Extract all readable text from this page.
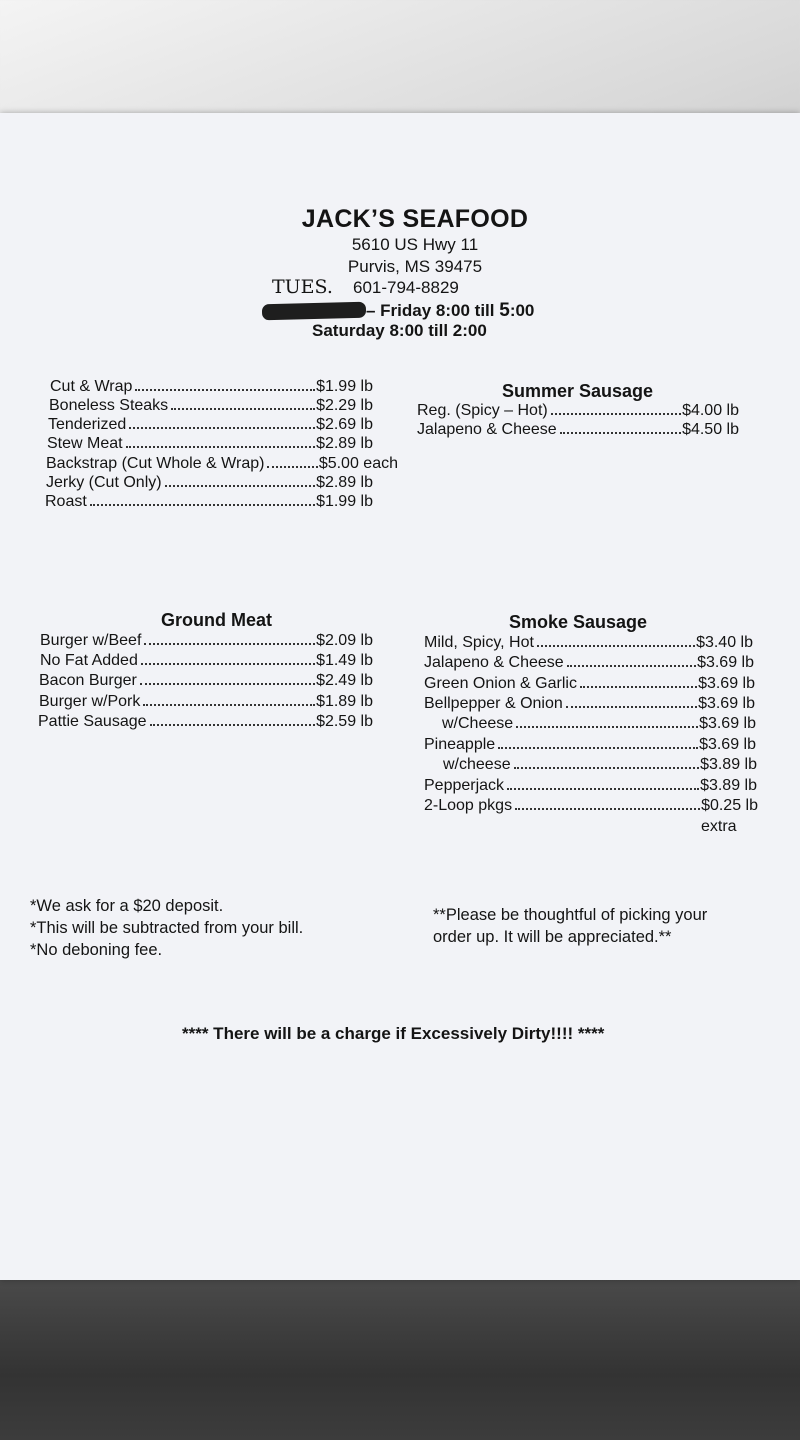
JACK’S SEAFOOD
5610 US Hwy 11
Purvis, MS 39475
TUES. 601-794-8829
– Friday 8:00 till 5:00
Saturday 8:00 till 2:00
Cut & Wrap	$1.99 lb
Boneless Steaks	$2.29 lb
Tenderized	$2.69 lb
Stew Meat	$2.89 lb
Backstrap (Cut Whole & Wrap)	$5.00 each
Jerky (Cut Only)	$2.89 lb
Roast	$1.99 lb
Summer Sausage
Reg. (Spicy – Hot)	$4.00 lb
Jalapeno & Cheese	$4.50 lb
Ground Meat
Burger w/Beef	$2.09 lb
No Fat Added	$1.49 lb
Bacon Burger	$2.49 lb
Burger w/Pork	$1.89 lb
Pattie Sausage	$2.59 lb
Smoke Sausage
Mild, Spicy, Hot	$3.40 lb
Jalapeno & Cheese	$3.69 lb
Green Onion & Garlic	$3.69 lb
Bellpepper & Onion	$3.69 lb
w/Cheese	$3.69 lb
Pineapple	$3.69 lb
w/cheese	$3.89 lb
Pepperjack	$3.89 lb
2-Loop pkgs	$0.25 lb
extra
*We ask for a $20 deposit.
*This will be subtracted from your bill.
*No deboning fee.
**Please be thoughtful of picking your
order up. It will be appreciated.**
**** There will be a charge if Excessively Dirty!!!! ****
